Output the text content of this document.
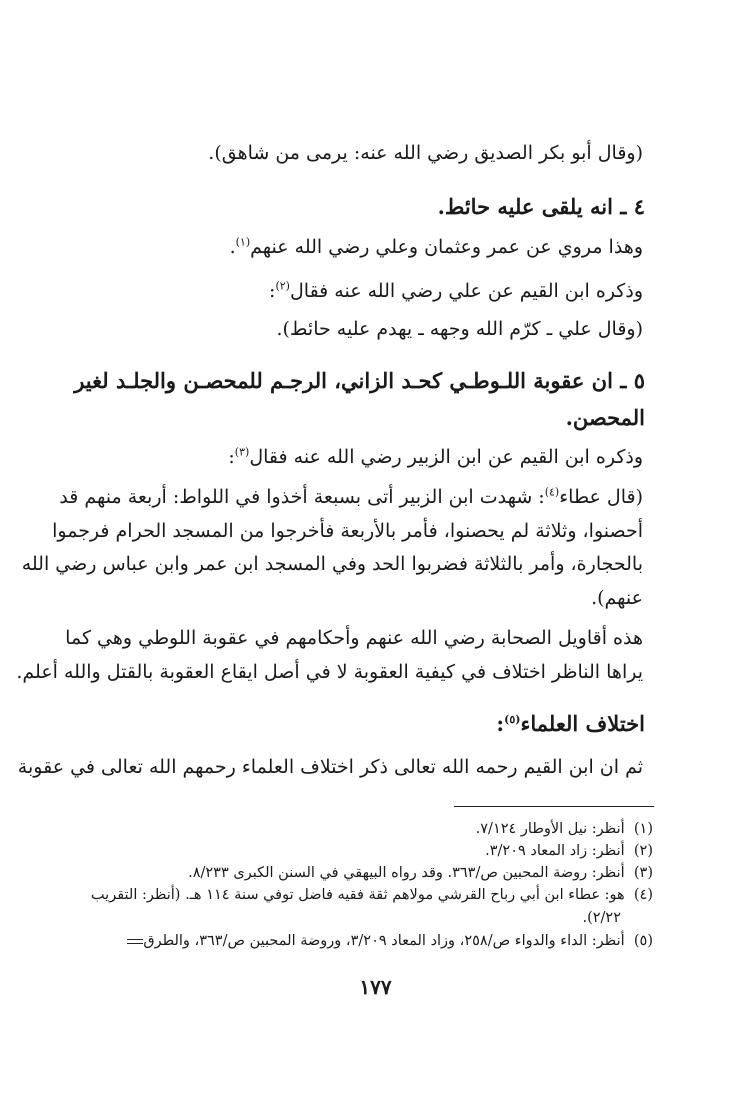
(وقال أبو بكر الصديق رضي الله عنه: يرمى من شاهق).
٤ ـ انه يلقى عليه حائط.
وهذا مروي عن عمر وعثمان وعلي رضي الله عنهم$^{(١)}$.
وذكره ابن القيم عن علي رضي الله عنه فقال$^{(٢)}$:
(وقال علي ـ كرّم الله وجهه ـ يهدم عليه حائط).
٥ ـ ان عقوبة اللـوطـي كحـد الزاني، الرجـم للمحصـن والجلـد لغير
المحصن.
وذكره ابن القيم عن ابن الزبير رضي الله عنه فقال$^{(٣)}$:
(قال عطاء$^{(٤)}$: شهدت ابن الزبير أتى بسبعة أخذوا في اللواط: أربعة منهم قد
أحصنوا، وثلاثة لم يحصنوا، فأمر بالأربعة فأخرجوا من المسجد الحرام فرجموا
بالحجارة، وأمر بالثلاثة فضربوا الحد وفي المسجد ابن عمر وابن عباس رضي الله
عنهم).
هذه أقاويل الصحابة رضي الله عنهم وأحكامهم في عقوبة اللوطي وهي كما
يراها الناظر اختلاف في كيفية العقوبة لا في أصل ايقاع العقوبة بالقتل والله أعلم.
اختلاف العلماء$^{(٥)}$:
ثم ان ابن القيم رحمه الله تعالى ذكر اختلاف العلماء رحمهم الله تعالى في عقوبة
(١)  أنظر: نيل الأوطار ٧/١٢٤.
(٢)  أنظر: زاد المعاد ٣/٢٠٩.
(٣)  أنظر: روضة المحبين ص/٣٦٣. وقد رواه البيهقي في السنن الكبرى ٨/٢٣٣.
(٤)  هو: عطاء ابن أبي رباح القرشي مولاهم ثقة فقيه فاضل توفي سنة ١١٤ هـ. (أنظر: التقريب
٢/٢٢).
(٥)  أنظر: الداء والدواء ص/٢٥٨، وزاد المعاد ٣/٢٠٩، وروضة المحبين ص/٣٦٣، والطرق
١٧٧
